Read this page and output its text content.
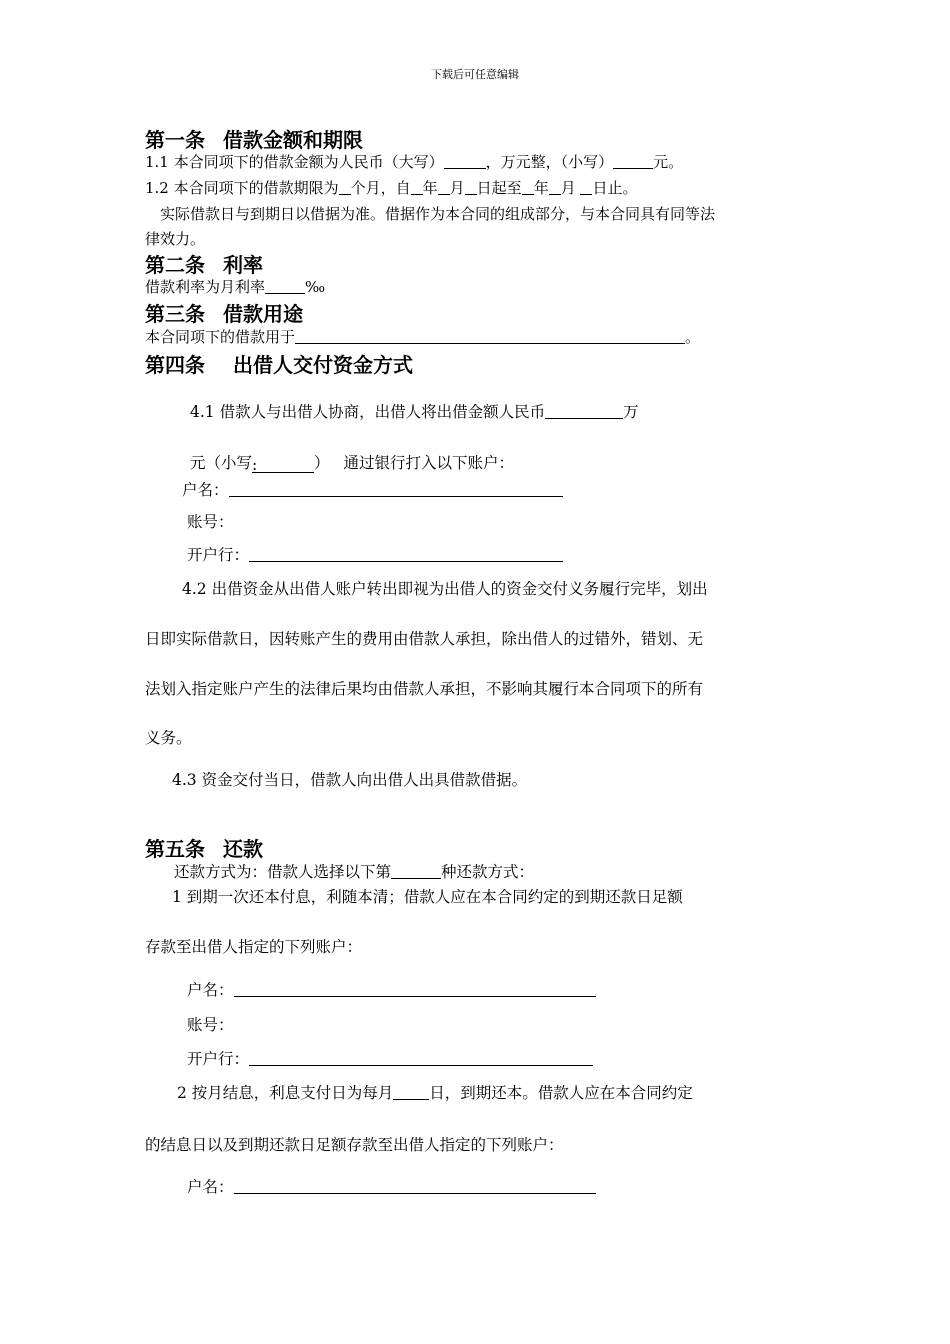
下载后可任意编辑
第一条 借款金额和期限
1.1 本合同项下的借款金额为人民币（大写）	，万元整，（小写）	元。
1.2 本合同项下的借款期限为 个月，自 年 月 日起至 年 月 日止。
实际借款日与到期日以借据为准。借据作为本合同的组成部分，与本合同具有同等法
律效力。
第二条 利率
借款利率为月利率	‰
第三条 借款用途
本合同项下的借款用于	。
第四条 出借人交付资金方式
4.1 借款人与出借人协商，出借人将出借金额人民币	万
元（小写:	） 通过银行打入以下账户：
户名：
账号：
开户行：
4.2 出借资金从出借人账户转出即视为出借人的资金交付义务履行完毕，划出
日即实际借款日，因转账产生的费用由借款人承担，除出借人的过错外，错划、无
法划入指定账户产生的法律后果均由借款人承担，不影响其履行本合同项下的所有
义务。
4.3 资金交付当日，借款人向出借人出具借款借据。
第五条 还款
还款方式为：借款人选择以下第	种还款方式：
1 到期一次还本付息，利随本清；借款人应在本合同约定的到期还款日足额
存款至出借人指定的下列账户：
户名：
账号：
开户行：
2 按月结息，利息支付日为每月 日，到期还本。借款人应在本合同约定
的结息日以及到期还款日足额存款至出借人指定的下列账户：
户名：
